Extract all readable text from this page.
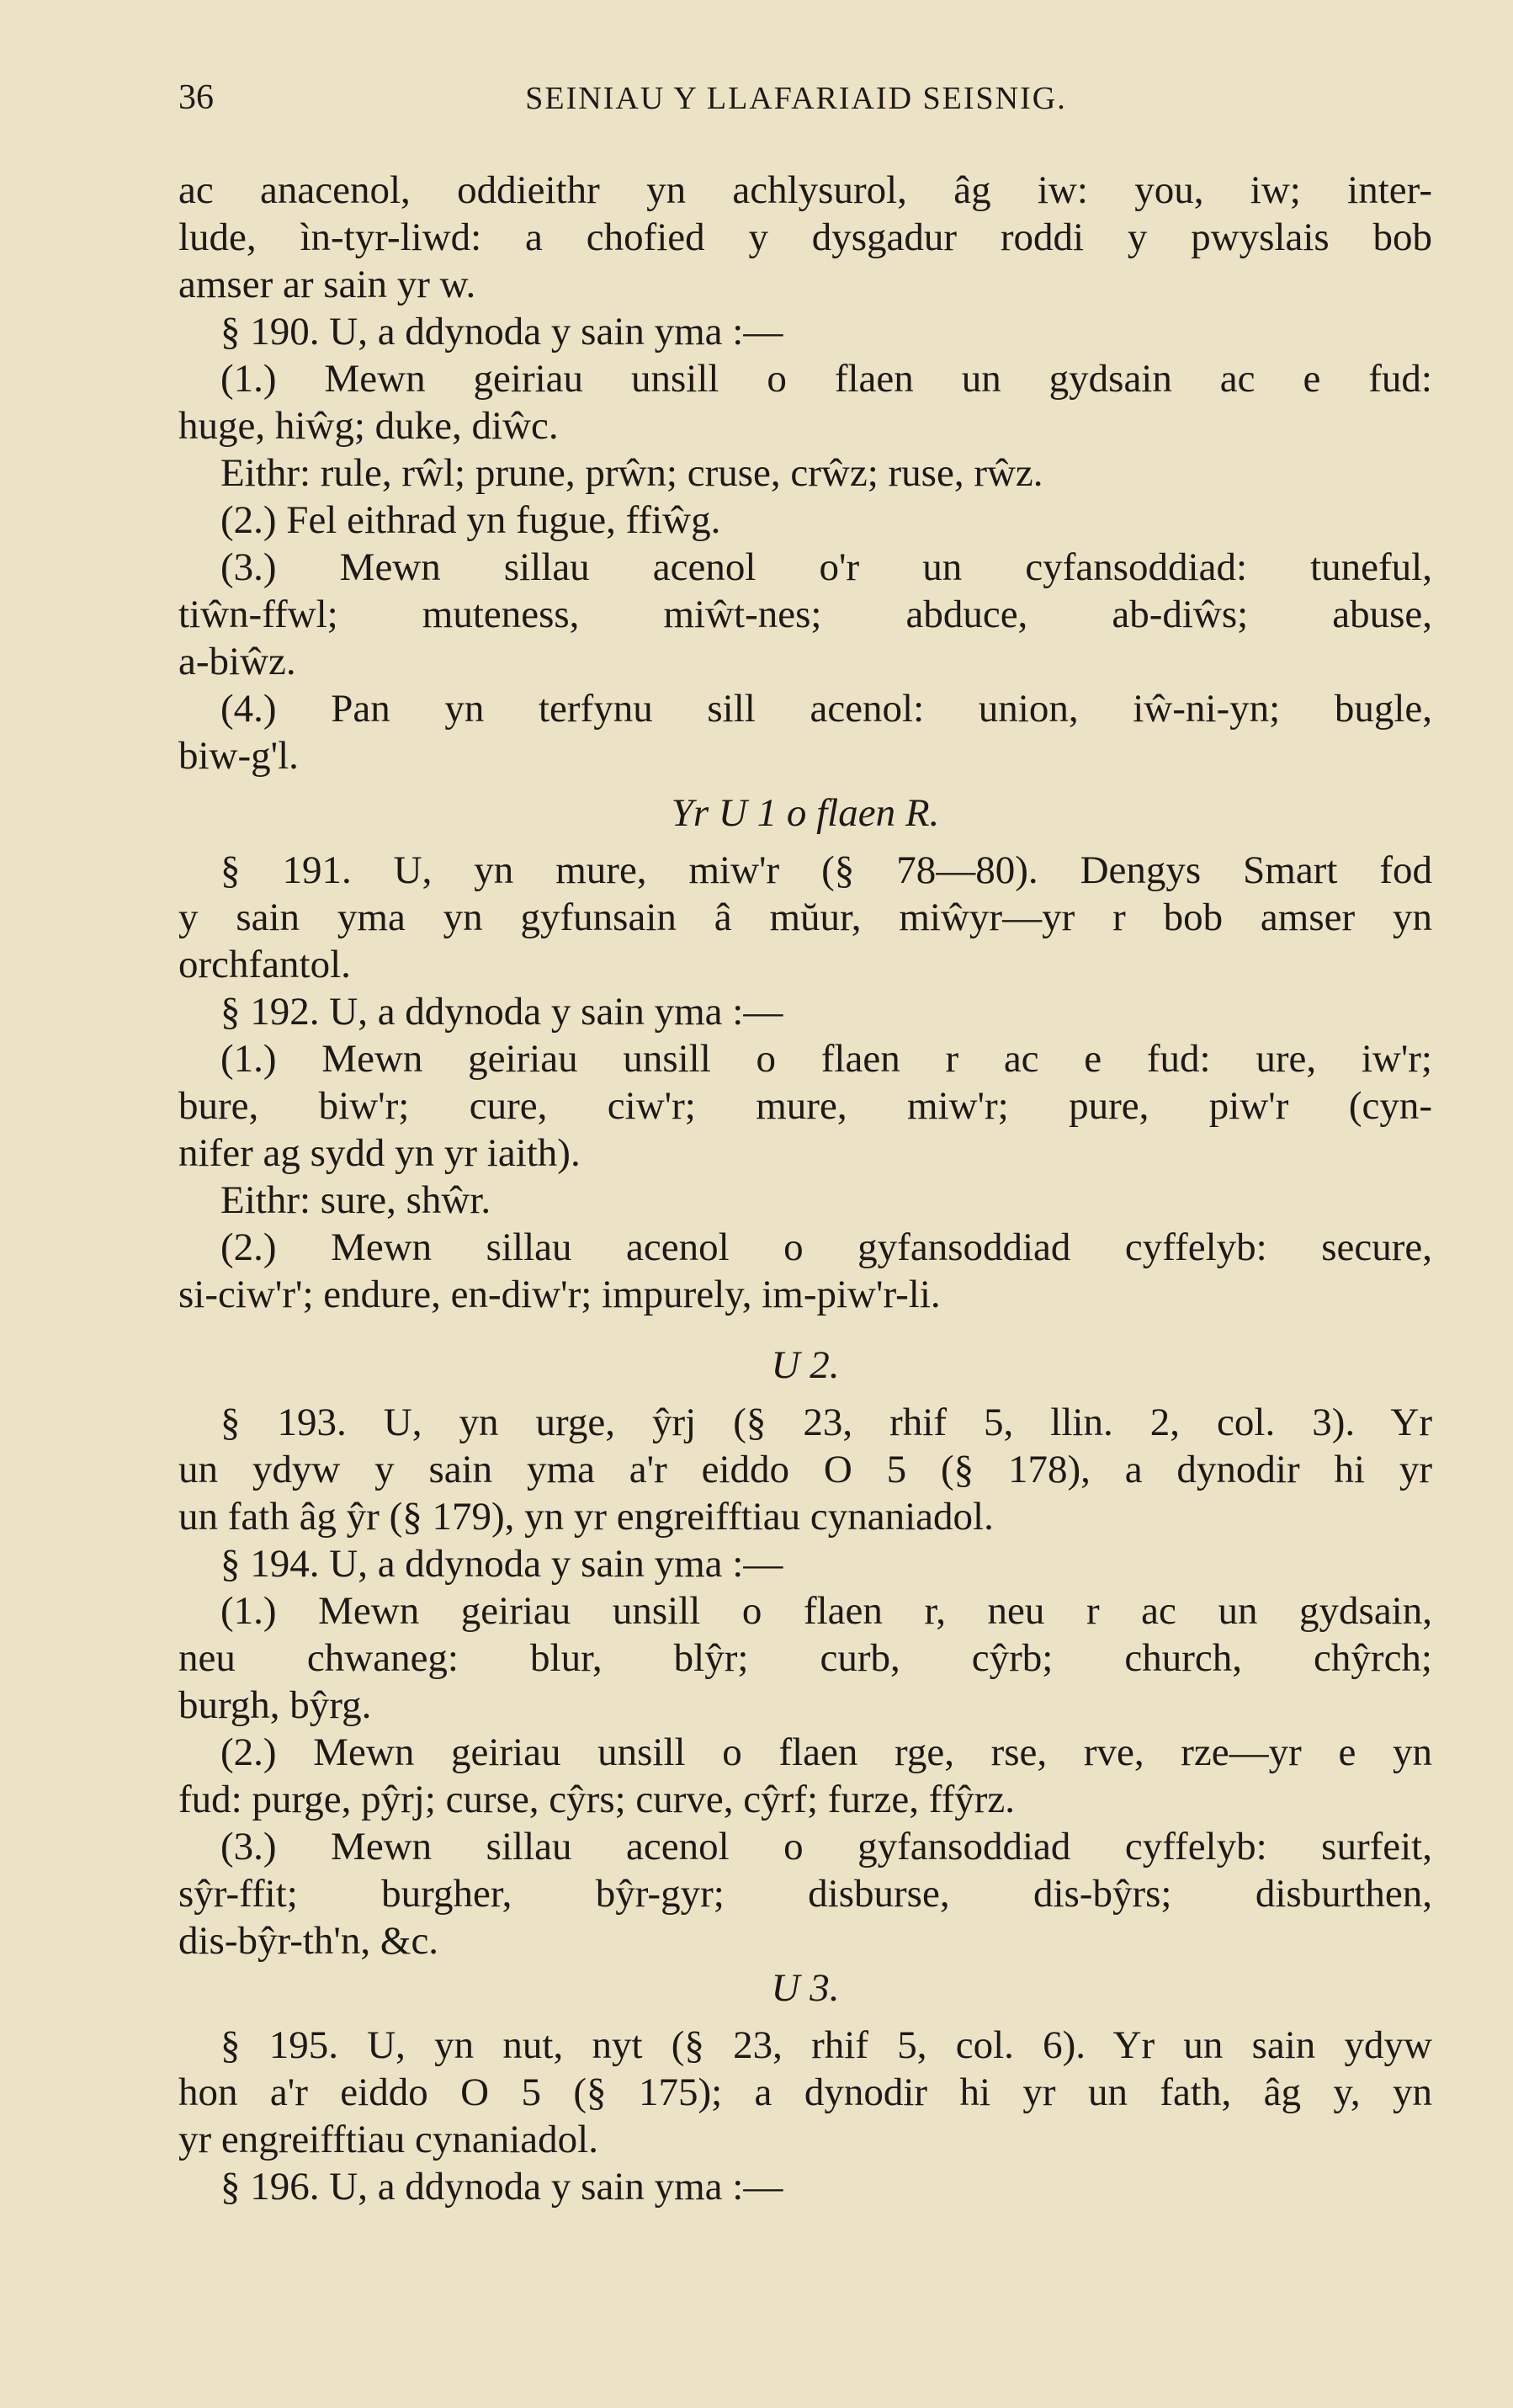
36	SEINIAU Y LLAFARIAID SEISNIG.
ac anacenol, oddieithr yn achlysurol, âg iw: you, iw; inter-
lude, ìn-tyr-liwd: a chofied y dysgadur roddi y pwyslais bob
amser ar sain yr w.
§ 190. U, a ddynoda y sain yma :—
(1.) Mewn geiriau unsill o flaen un gydsain ac e fud:
huge, hiŵg; duke, diŵc.
Eithr: rule, rŵl; prune, prŵn; cruse, crŵz; ruse, rŵz.
(2.) Fel eithrad yn fugue, ffiŵg.
(3.) Mewn sillau acenol o'r un cyfansoddiad: tuneful,
tiŵn-ffwl; muteness, miŵt-nes; abduce, ab-diŵs; abuse,
a-biŵz.
(4.) Pan yn terfynu sill acenol: union, iŵ-ni-yn; bugle,
biw-g'l.
Yr U 1 o flaen R.
§ 191. U, yn mure, miw'r (§ 78—80). Dengys Smart fod
y sain yma yn gyfunsain â mŭur, miŵyr—yr r bob amser yn
orchfantol.
§ 192. U, a ddynoda y sain yma :—
(1.) Mewn geiriau unsill o flaen r ac e fud: ure, iw'r;
bure, biw'r; cure, ciw'r; mure, miw'r; pure, piw'r (cyn-
nifer ag sydd yn yr iaith).
Eithr: sure, shŵr.
(2.) Mewn sillau acenol o gyfansoddiad cyffelyb: secure,
si-ciw'r'; endure, en-diw'r; impurely, im-piw'r-li.
U 2.
§ 193. U, yn urge, ŷrj (§ 23, rhif 5, llin. 2, col. 3). Yr
un ydyw y sain yma a'r eiddo O 5 (§ 178), a dynodir hi yr
un fath âg ŷr (§ 179), yn yr engreifftiau cynaniadol.
§ 194. U, a ddynoda y sain yma :—
(1.) Mewn geiriau unsill o flaen r, neu r ac un gydsain,
neu chwaneg: blur, blŷr; curb, cŷrb; church, chŷrch;
burgh, bŷrg.
(2.) Mewn geiriau unsill o flaen rge, rse, rve, rze—yr e yn
fud: purge, pŷrj; curse, cŷrs; curve, cŷrf; furze, ffŷrz.
(3.) Mewn sillau acenol o gyfansoddiad cyffelyb: surfeit,
sŷr-ffit; burgher, bŷr-gyr; disburse, dis-bŷrs; disburthen,
dis-bŷr-th'n, &c.
U 3.
§ 195. U, yn nut, nyt (§ 23, rhif 5, col. 6). Yr un sain ydyw
hon a'r eiddo O 5 (§ 175); a dynodir hi yr un fath, âg y, yn
yr engreifftiau cynaniadol.
§ 196. U, a ddynoda y sain yma :—
